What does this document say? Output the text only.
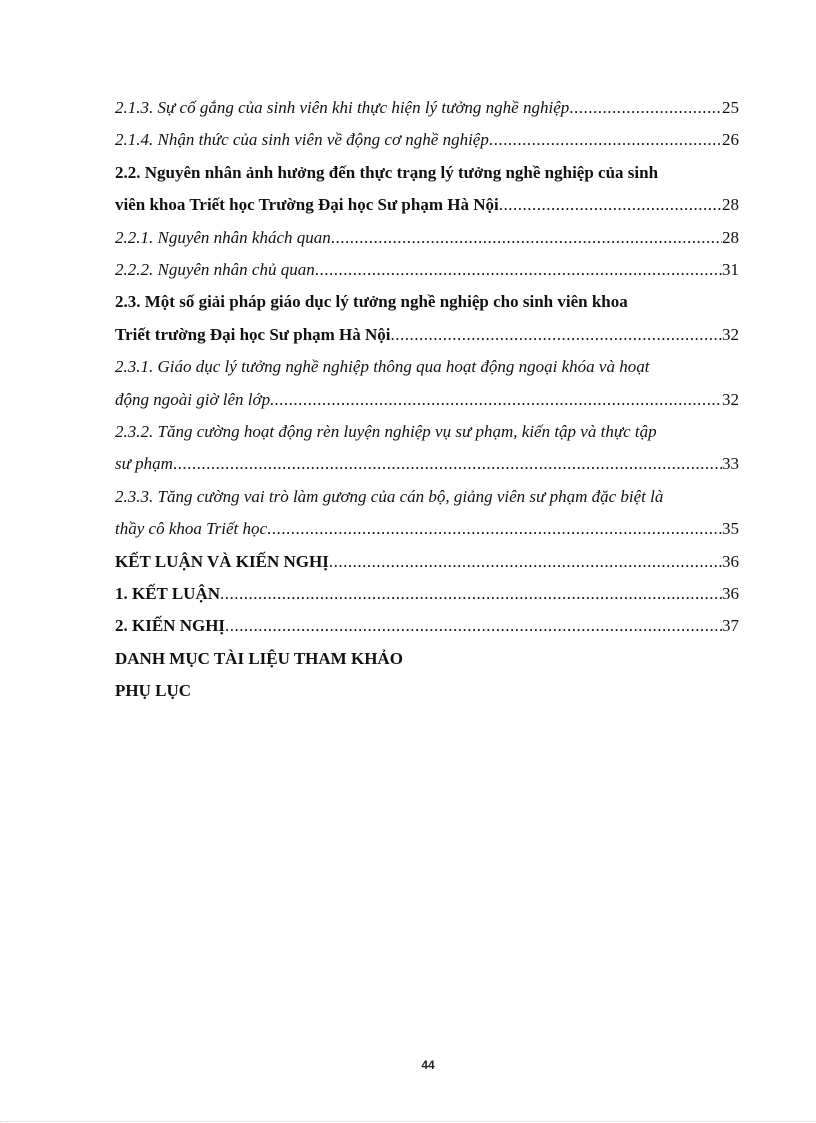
2.1.3. Sự cố gắng của sinh viên khi thực hiện lý tưởng nghề nghiệp .....	25
2.1.4. Nhận thức của sinh viên về động cơ nghề nghiệp .....	26
2.2. Nguyên nhân ảnh hưởng đến thực trạng lý tưởng nghề nghiệp của sinh
viên khoa Triết học Trường Đại học Sư phạm Hà Nội .....	28
2.2.1. Nguyên nhân khách quan .....	28
2.2.2. Nguyên nhân chủ quan .....	31
2.3. Một số giải pháp giáo dục lý tưởng nghề nghiệp cho sinh viên khoa
Triết trường Đại học Sư phạm Hà Nội .....	32
2.3.1. Giáo dục lý tưởng nghề nghiệp thông qua hoạt động ngoại khóa và hoạt
động ngoài giờ lên lớp. .....	32
2.3.2. Tăng cường hoạt động rèn luyện nghiệp vụ sư phạm, kiến tập và thực tập
sư phạm .....	33
2.3.3. Tăng cường vai trò làm gương của cán bộ, giảng viên sư phạm đặc biệt là
thầy cô khoa Triết học .....	35
KẾT LUẬN VÀ KIẾN NGHỊ .....	36
1. KẾT LUẬN .....	36
2. KIẾN NGHỊ .....	37
DANH MỤC TÀI LIỆU THAM KHẢO
PHỤ LỤC
44
